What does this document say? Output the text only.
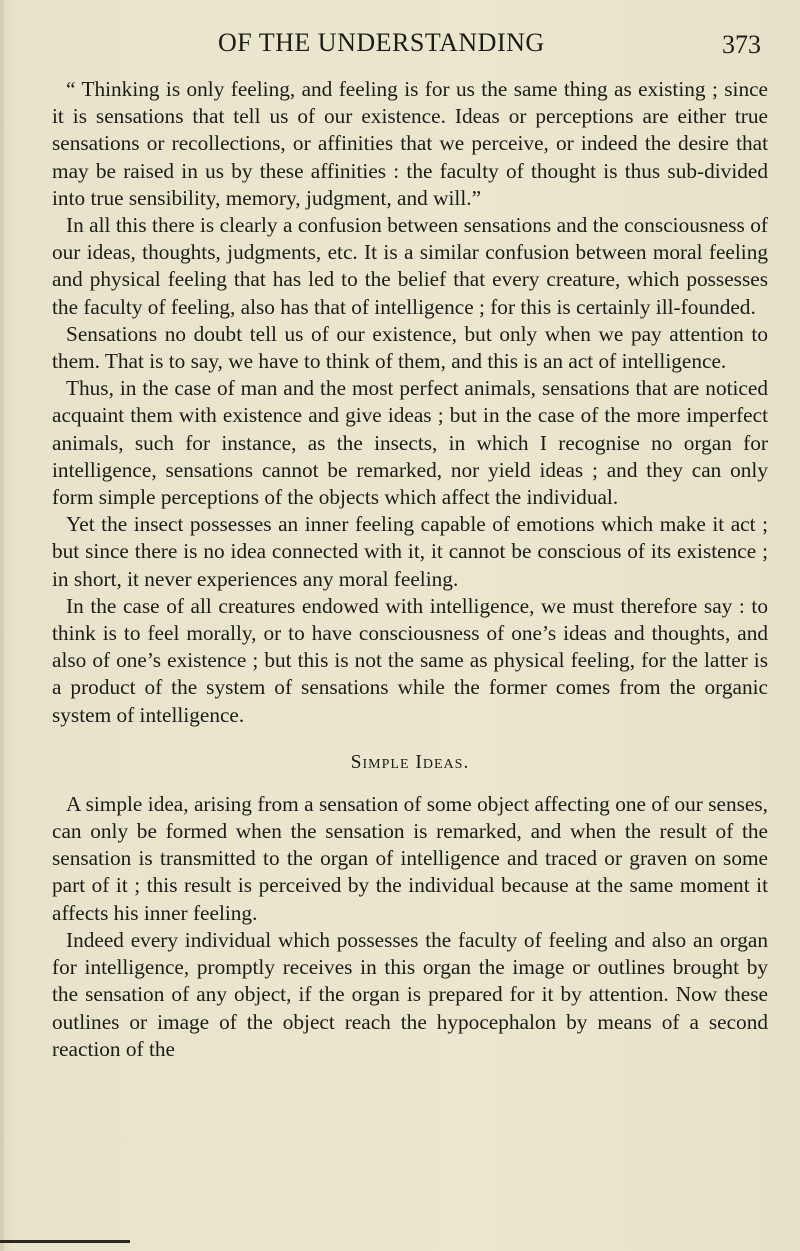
OF THE UNDERSTANDING	373

“ Thinking is only feeling, and feeling is for us the same thing as existing ; since it is sensations that tell us of our existence. Ideas or perceptions are either true sensations or recollections, or affinities that we perceive, or indeed the desire that may be raised in us by these affinities : the faculty of thought is thus sub-divided into true sensibility, memory, judgment, and will.”

In all this there is clearly a confusion between sensations and the consciousness of our ideas, thoughts, judgments, etc. It is a similar confusion between moral feeling and physical feeling that has led to the belief that every creature, which possesses the faculty of feeling, also has that of intelligence ; for this is certainly ill-founded.

Sensations no doubt tell us of our existence, but only when we pay attention to them. That is to say, we have to think of them, and this is an act of intelligence.

Thus, in the case of man and the most perfect animals, sensations that are noticed acquaint them with existence and give ideas ; but in the case of the more imperfect animals, such for instance, as the insects, in which I recognise no organ for intelligence, sensations cannot be remarked, nor yield ideas ; and they can only form simple perceptions of the objects which affect the individual.

Yet the insect possesses an inner feeling capable of emotions which make it act ; but since there is no idea connected with it, it cannot be conscious of its existence ; in short, it never experiences any moral feeling.

In the case of all creatures endowed with intelligence, we must therefore say : to think is to feel morally, or to have consciousness of one’s ideas and thoughts, and also of one’s existence ; but this is not the same as physical feeling, for the latter is a product of the system of sensations while the former comes from the organic system of intelligence.

Simple Ideas.

A simple idea, arising from a sensation of some object affecting one of our senses, can only be formed when the sensation is remarked, and when the result of the sensation is transmitted to the organ of intelligence and traced or graven on some part of it ; this result is perceived by the individual because at the same moment it affects his inner feeling.

Indeed every individual which possesses the faculty of feeling and also an organ for intelligence, promptly receives in this organ the image or outlines brought by the sensation of any object, if the organ is prepared for it by attention. Now these outlines or image of the object reach the hypocephalon by means of a second reaction of the
